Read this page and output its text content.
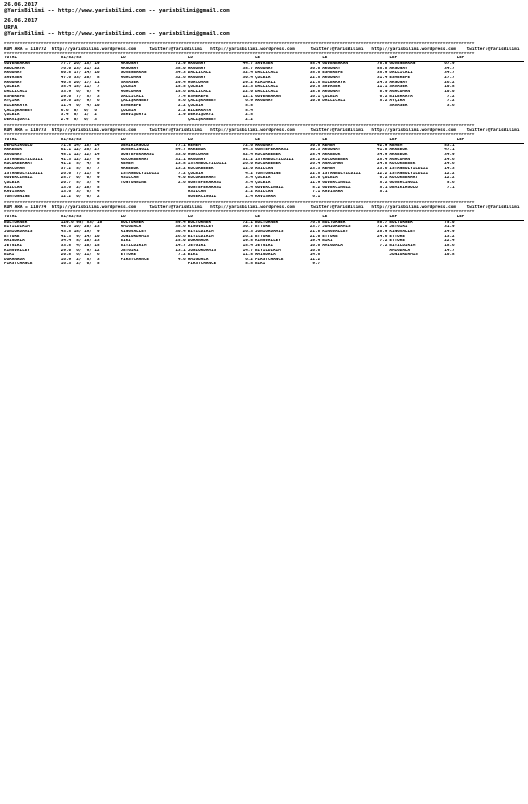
26.06.2017
@YarisBilimi -- http://www.yarisbilimi.com -- yarisbilimi@gmail.com
26.06.2017
URFA
@YarisBilimi -- http://www.yarisbilimi.com -- yarisbilimi@gmail.com
##################################################################################################################################################################################
KUM ARA = 110772  http://yarisbilimi.wordpress.com     twitter:@YarisBilimi   http://yarisbilimi.wordpress.com      twitter:@YarisBilimi   http://yarisbilimi.wordpress.com    twitter:@YarisBilimi
##################################################################################################################################################################################
TOTAL	81/82/83		LD		LD		LE		LE		LEF		LEF	
GUVENBAKAN	77.7 26/ 15/ 19		AKGUNAY	72.9	AKGUNAY	44.7	SAVASER	55.4	GUVENBAKAN	76.0	GUVENBAKAN	67.9		
ABULHAYR	76.0 23/ 21/ 22		AKGUNAY	38.0	AKGUNAY	38.7	AKGUNAY	36.6	AKGUNAY	55.8	AKGUNAY	34.7		
AKGUNAY	60.8 17/ 14/ 10		GUVENBAKAN	34.3	DALLICALI	32.4	DALLICALI	35.6	ESMEREFE	35.9	DALLICALI	34.7		
SAVASER	47.6 33/ 20/  8		AGACUMAN	32.6	AKGUNAY	30.4	ÇOLBIA	22.5	AKGUNAY	31.4	ESMEREFE	27.7		
AKGUNAY	40.5 20/ 17/ 11		SAVASER	29.4	AGACUMAN	29.2	KIRIMALI	21.5	BILERKAYA	24.3	AKGUNAY	26.2		
ÇOLBIA	35.4 15/ 11/  7		ÇOLBIA	15.5	ÇOLBIA	22.3	DALLICALI	20.5	SAVASER	11.1	SAVASER	10.8		
DALLICALI	33.9  6/  6/  4		AGACUMAN	15.6	DALLICALI	22.0	DALLICALI	18.8	AKGUNAY	8.9	AGACUMAN	10.0		
ESMEREFE	29.0  7/  5/  3		DALLICALI	7.4	ESMEREFE	12.1	GUVENBAKAN	16.1	ÇOLBIA	6.2	BILERKAYA	7.2		
AYÇIRA	19.6 15/  9/  6		ÇALIŞKANBEY	5.6	ÇALIŞKANBEY	6.9	AKGUNAY	10.0	DALLICALI	5.2	AYÇIRA	7.2		
BILERKAYA	11.4  0/  4/ 10		ESMEREFE	2.2	ÇOLBIA	5.8					SAVASER	3.6		
ÇALIŞKANBEY	6.6  0/  0/  6		ÇOLBIA	2.2	BILERKAYA	5.4								
ÇOLBIA	3.4  0/  1/  2		DERVIŞDAYI	1.9	DERVIŞDAYI	2.5								
DERVIŞDAYI	2.4  0/  0/  3				ÇALIŞKANBEY	2.2								
##################################################################################################################################################################################
KUM ARA = 110773  http://yarisbilimi.wordpress.com     twitter:@YarisBilimi   http://yarisbilimi.wordpress.com      twitter:@YarisBilimi   http://yarisbilimi.wordpress.com    twitter:@YarisBilimi
##################################################################################################################################################################################
TOTAL	81/82/83		LD		LD		LE		LE		LEF		LEF	
DEMIKIRGULU	71.8 14/ 18/ 14		DEMIKIRGULU	77.1	REMEM	72.6	AKGUNAY	30.6	REMEM	42.9	REMEM	53.1		
AKKEBUK	61.1 12/ 26/ 27		GUVERCINGIZ	54.7	AKKEBUK	54.3	GONTEPEKARASI	30.3	AKGUNAY	41.8	AKKEBUK	47.1		
AKGUNAY	48.1 12/ 12/ 14		GONTEPEKARASI	33.0	AGACUMAN	52.4	KUCUKBEBEK	28.4	AKKEBUK	34.9	AKKEBUK	34.9		
ISTANBULYILDIZI	41.3 12/ 12/  9		KUCUKBERHAT	31.1	AKGUNAY	31.2	ISTANBULYILDIZI	28.2	KUCUKBEBEK	25.4	AGACUMAN	24.6		
KUCUKBERHAT	41.2  5/  4/  8		REMEM	13.8	ISTANBULYILDIZI	26.0	KUCUKBEBEK	26.4	AGACUMAN	24.8	KUCUKBEBEK	24.6		
AGACUMAN	37.2  5/  8/  7		AKKEBUK	13.2	KUCUKBEBEK	12.0	ASILCAN	23.3	REMEM	23.6	ISTANBULYILDIZI	14.3		
ISTANBULYILDIZI	26.0  7/ 11/  9		ISTANBULYILDIZI	7.2	ÇOLBIA	4.2	TONTONNINE	22.5	ISTANBULYILDIZI	12.2	ISTANBULYILDIZI	12.2		
GUVERCINGIZ	25.7  0/  0/  9		ASILCAN	4.0	KUCUKBERHAT	3.4	ÇOLBIA	13.6	ÇOLBIA	6.2	KUCUKBERHAT	12.2		
ÇOLBIA	20.7  5/  3/  4		TONTONNINE	2.6	GONTEPEKARASI	3.4	ÇOLBIA	11.9	GUVERCINGIZ	5.2	GUVERCINGIZ	5.6		
ASILCAN	13.6  2/ 10/  5				GONTEPEKARASI	2.4	GUVERCINGIZ	8.2	GUVERCINGIZ	5.1	DEMIKIRGULU	7.1		
KAVISARA	13.6  3/  6/  4				ASILCAN	2.2	ASILCAN	7.1	KAVISARA	5.1				
TONTONNINE	12.2  0/  0/  2				GUVERCINGIZ	1.4	KAVISARA	6.1						
##################################################################################################################################################################################
KUM ARA = 110774  http://yarisbilimi.wordpress.com     twitter:@YarisBilimi   http://yarisbilimi.wordpress.com      twitter:@YarisBilimi   http://yarisbilimi.wordpress.com    twitter:@YarisBilimi
##################################################################################################################################################################################
TOTAL	81/82/83		LD		LD		LE		LE		LEF		LEF	
BOLTURNER	129.6 95/ 53/ 10		BOLTURNER	59.4	BOLTURNER	72.1	BOLTURNER	76.5	BOLTURNER	86.7	BOLTURNER	75.0		
BIYILDIRIM	48.6 10/ 20/ 23		AMIGDALA	38.6	KINGVALLEY	30.7	ETTORE	23.7	JUNIORDAMIS	71.6	JETGIRI	31.9		
JUNIORDAMIS	43.5 18/ 19/  9		KINGVALLEY	30.4	BIYILDIRIM	26.3	JUNIORDAMIS	21.8	KINGVALLEY	26.9	KINGVALLEY	24.9		
ETTORE	41.3  9/ 14/ 10		JUNIORDAMIS	26.6	BIYILDIRIM	26.2	ETTORE	21.0	ETTORE	24.6	ETTORE	13.2		
AMIGDALA	34.4  8/ 10/ 23		BIKI	25.0	DURANADA	19.8	KINGVALLEY	19.4	BIKI	7.2	ETTORE	22.4		
JETGIRI	33.8  4/ 10/ 15		BIYILDIRIM	14.7	JETGIRI	15.4	JETGIRI	16.6	AMIGDALA	7.2	BIYILDIRIM	18.6		
KINGVALLEY	29.0  6/  9/ 12		JETGIRI	13.1	JUNIORDAMIS	14.7	BIYILDIRIM	16.6			AMIGDALA	14.7		
BIKI	20.8  6/ 11/  6		ETTORE	7.2	BIKI	11.8	AMIGDALA	14.6			JUNIORDAMIS	10.8		
DURANADA	16.9  2/  5/  3		FIRSTCHANCE	4.6	AMIGDALA	6.2	FIRSTCHANCE	11.2						
FIRSTCHANCE	16.3  2/  0/  5				FIRSTCHANCE	5.5	BIKI	9.7						
